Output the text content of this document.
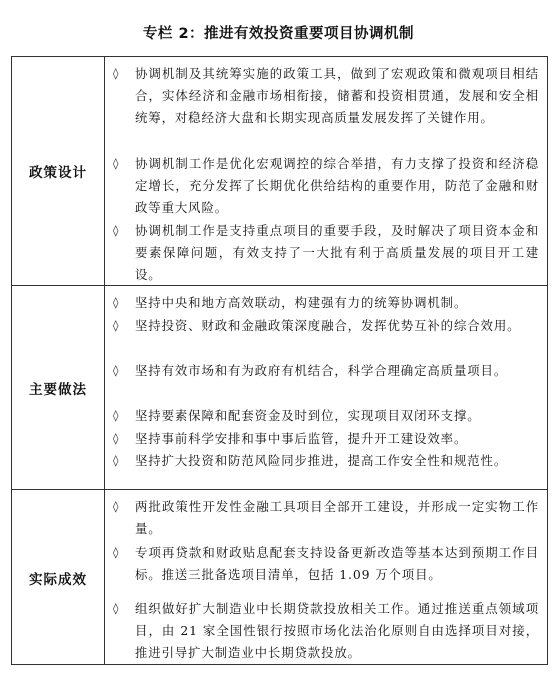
专栏 2：推进有效投资重要项目协调机制
政策设计
◊ 协调机制及其统筹实施的政策工具，做到了宏观政策和微观项目相结合，实体经济和金融市场相衔接，储蓄和投资相贯通，发展和安全相统筹，对稳经济大盘和长期实现高质量发展发挥了关键作用。
◊ 协调机制工作是优化宏观调控的综合举措，有力支撑了投资和经济稳定增长，充分发挥了长期优化供给结构的重要作用，防范了金融和财政等重大风险。
◊ 协调机制工作是支持重点项目的重要手段，及时解决了项目资本金和要素保障问题，有效支持了一大批有利于高质量发展的项目开工建设。
主要做法
◊ 坚持中央和地方高效联动，构建强有力的统筹协调机制。
◊ 坚持投资、财政和金融政策深度融合，发挥优势互补的综合效用。
◊ 坚持有效市场和有为政府有机结合，科学合理确定高质量项目。
◊ 坚持要素保障和配套资金及时到位，实现项目双闭环支撑。
◊ 坚持事前科学安排和事中事后监管，提升开工建设效率。
◊ 坚持扩大投资和防范风险同步推进，提高工作安全性和规范性。
实际成效
◊ 两批政策性开发性金融工具项目全部开工建设，并形成一定实物工作量。
◊ 专项再贷款和财政贴息配套支持设备更新改造等基本达到预期工作目标。推送三批备选项目清单，包括 1.09 万个项目。
◊ 组织做好扩大制造业中长期贷款投放相关工作。通过推送重点领域项目，由 21 家全国性银行按照市场化法治化原则自由选择项目对接，推进引导扩大制造业中长期贷款投放。
